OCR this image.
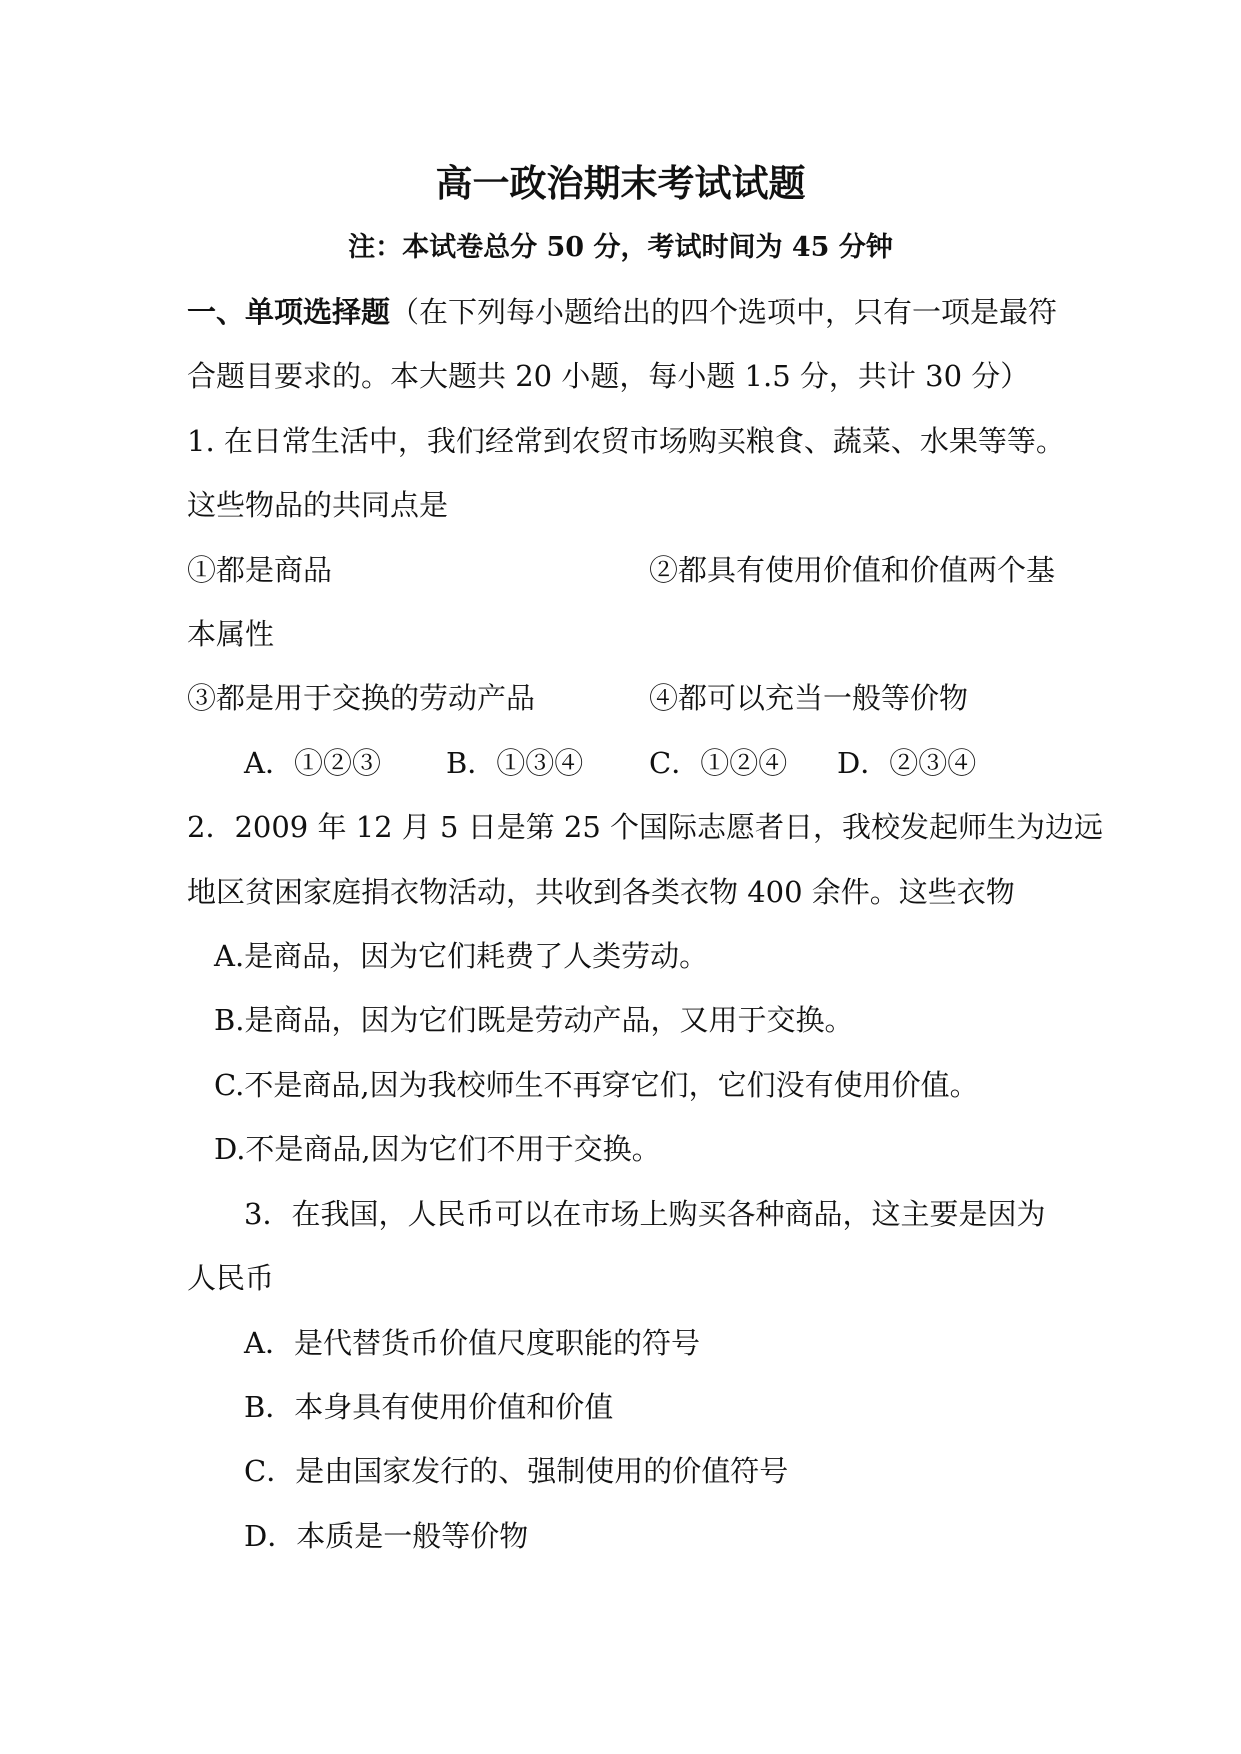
高一政治期末考试试题
注：本试卷总分 50 分，考试时间为 45 分钟
一、单项选择题（在下列每小题给出的四个选项中，只有一项是最符
合题目要求的。本大题共 20 小题，每小题 1.5 分，共计 30 分）
1. 在日常生活中，我们经常到农贸市场购买粮食、蔬菜、水果等等。
这些物品的共同点是
①都是商品	②都具有使用价值和价值两个基
本属性
③都是用于交换的劳动产品	④都可以充当一般等价物
A．①②③ B．①③④ C．①②④ D．②③④
2．2009 年 12 月 5 日是第 25 个国际志愿者日，我校发起师生为边远
地区贫困家庭捐衣物活动，共收到各类衣物 400 余件。这些衣物
A.是商品，因为它们耗费了人类劳动。
B.是商品，因为它们既是劳动产品，又用于交换。
C.不是商品,因为我校师生不再穿它们，它们没有使用价值。
D.不是商品,因为它们不用于交换。
3．在我国，人民币可以在市场上购买各种商品，这主要是因为
人民币
A．是代替货币价值尺度职能的符号
B．本身具有使用价值和价值
C．是由国家发行的、强制使用的价值符号
D．本质是一般等价物
